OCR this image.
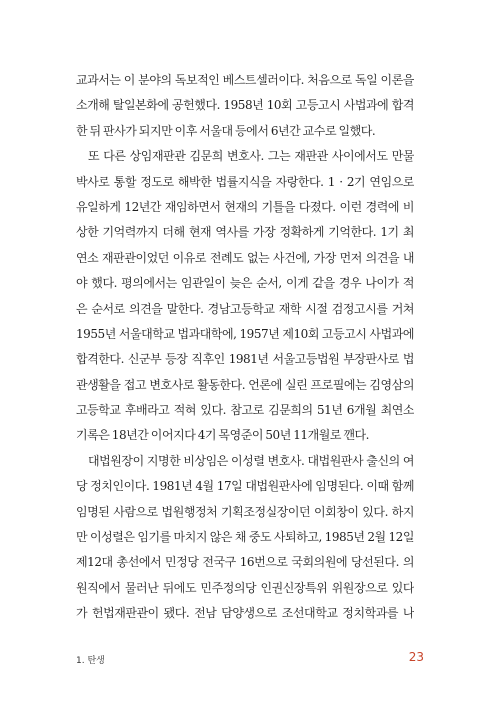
교과서는 이 분야의 독보적인 베스트셀러이다. 처음으로 독일 이론을
소개해 탈일본화에 공헌했다. 1958년 10회 고등고시 사법과에 합격
한 뒤 판사가 되지만 이후 서울대 등에서 6년간 교수로 일했다.
또 다른 상임재판관 김문희 변호사. 그는 재판관 사이에서도 만물
박사로 통할 정도로 해박한 법률지식을 자랑한다. 1 · 2기 연임으로
유일하게 12년간 재임하면서 현재의 기틀을 다졌다. 이런 경력에 비
상한 기억력까지 더해 현재 역사를 가장 정확하게 기억한다. 1기 최
연소 재판관이었던 이유로 전례도 없는 사건에, 가장 먼저 의견을 내
야 했다. 평의에서는 임관일이 늦은 순서, 이게 같을 경우 나이가 적
은 순서로 의견을 말한다. 경남고등학교 재학 시절 검정고시를 거쳐
1955년 서울대학교 법과대학에, 1957년 제10회 고등고시 사법과에
합격한다. 신군부 등장 직후인 1981년 서울고등법원 부장판사로 법
관생활을 접고 변호사로 활동한다. 언론에 실린 프로필에는 김영삼의
고등학교 후배라고 적혀 있다. 참고로 김문희의 51년 6개월 최연소
기록은 18년간 이어지다 4기 목영준이 50년 11개월로 깬다.
대법원장이 지명한 비상임은 이성렬 변호사. 대법원판사 출신의 여
당 정치인이다. 1981년 4월 17일 대법원판사에 임명된다. 이때 함께
임명된 사람으로 법원행정처 기획조정실장이던 이회창이 있다. 하지
만 이성렬은 임기를 마치지 않은 채 중도 사퇴하고, 1985년 2월 12일
제12대 총선에서 민정당 전국구 16번으로 국회의원에 당선된다. 의
원직에서 물러난 뒤에도 민주정의당 인권신장특위 위원장으로 있다
가 헌법재판관이 됐다. 전남 담양생으로 조선대학교 정치학과를 나
1. 탄생	23
